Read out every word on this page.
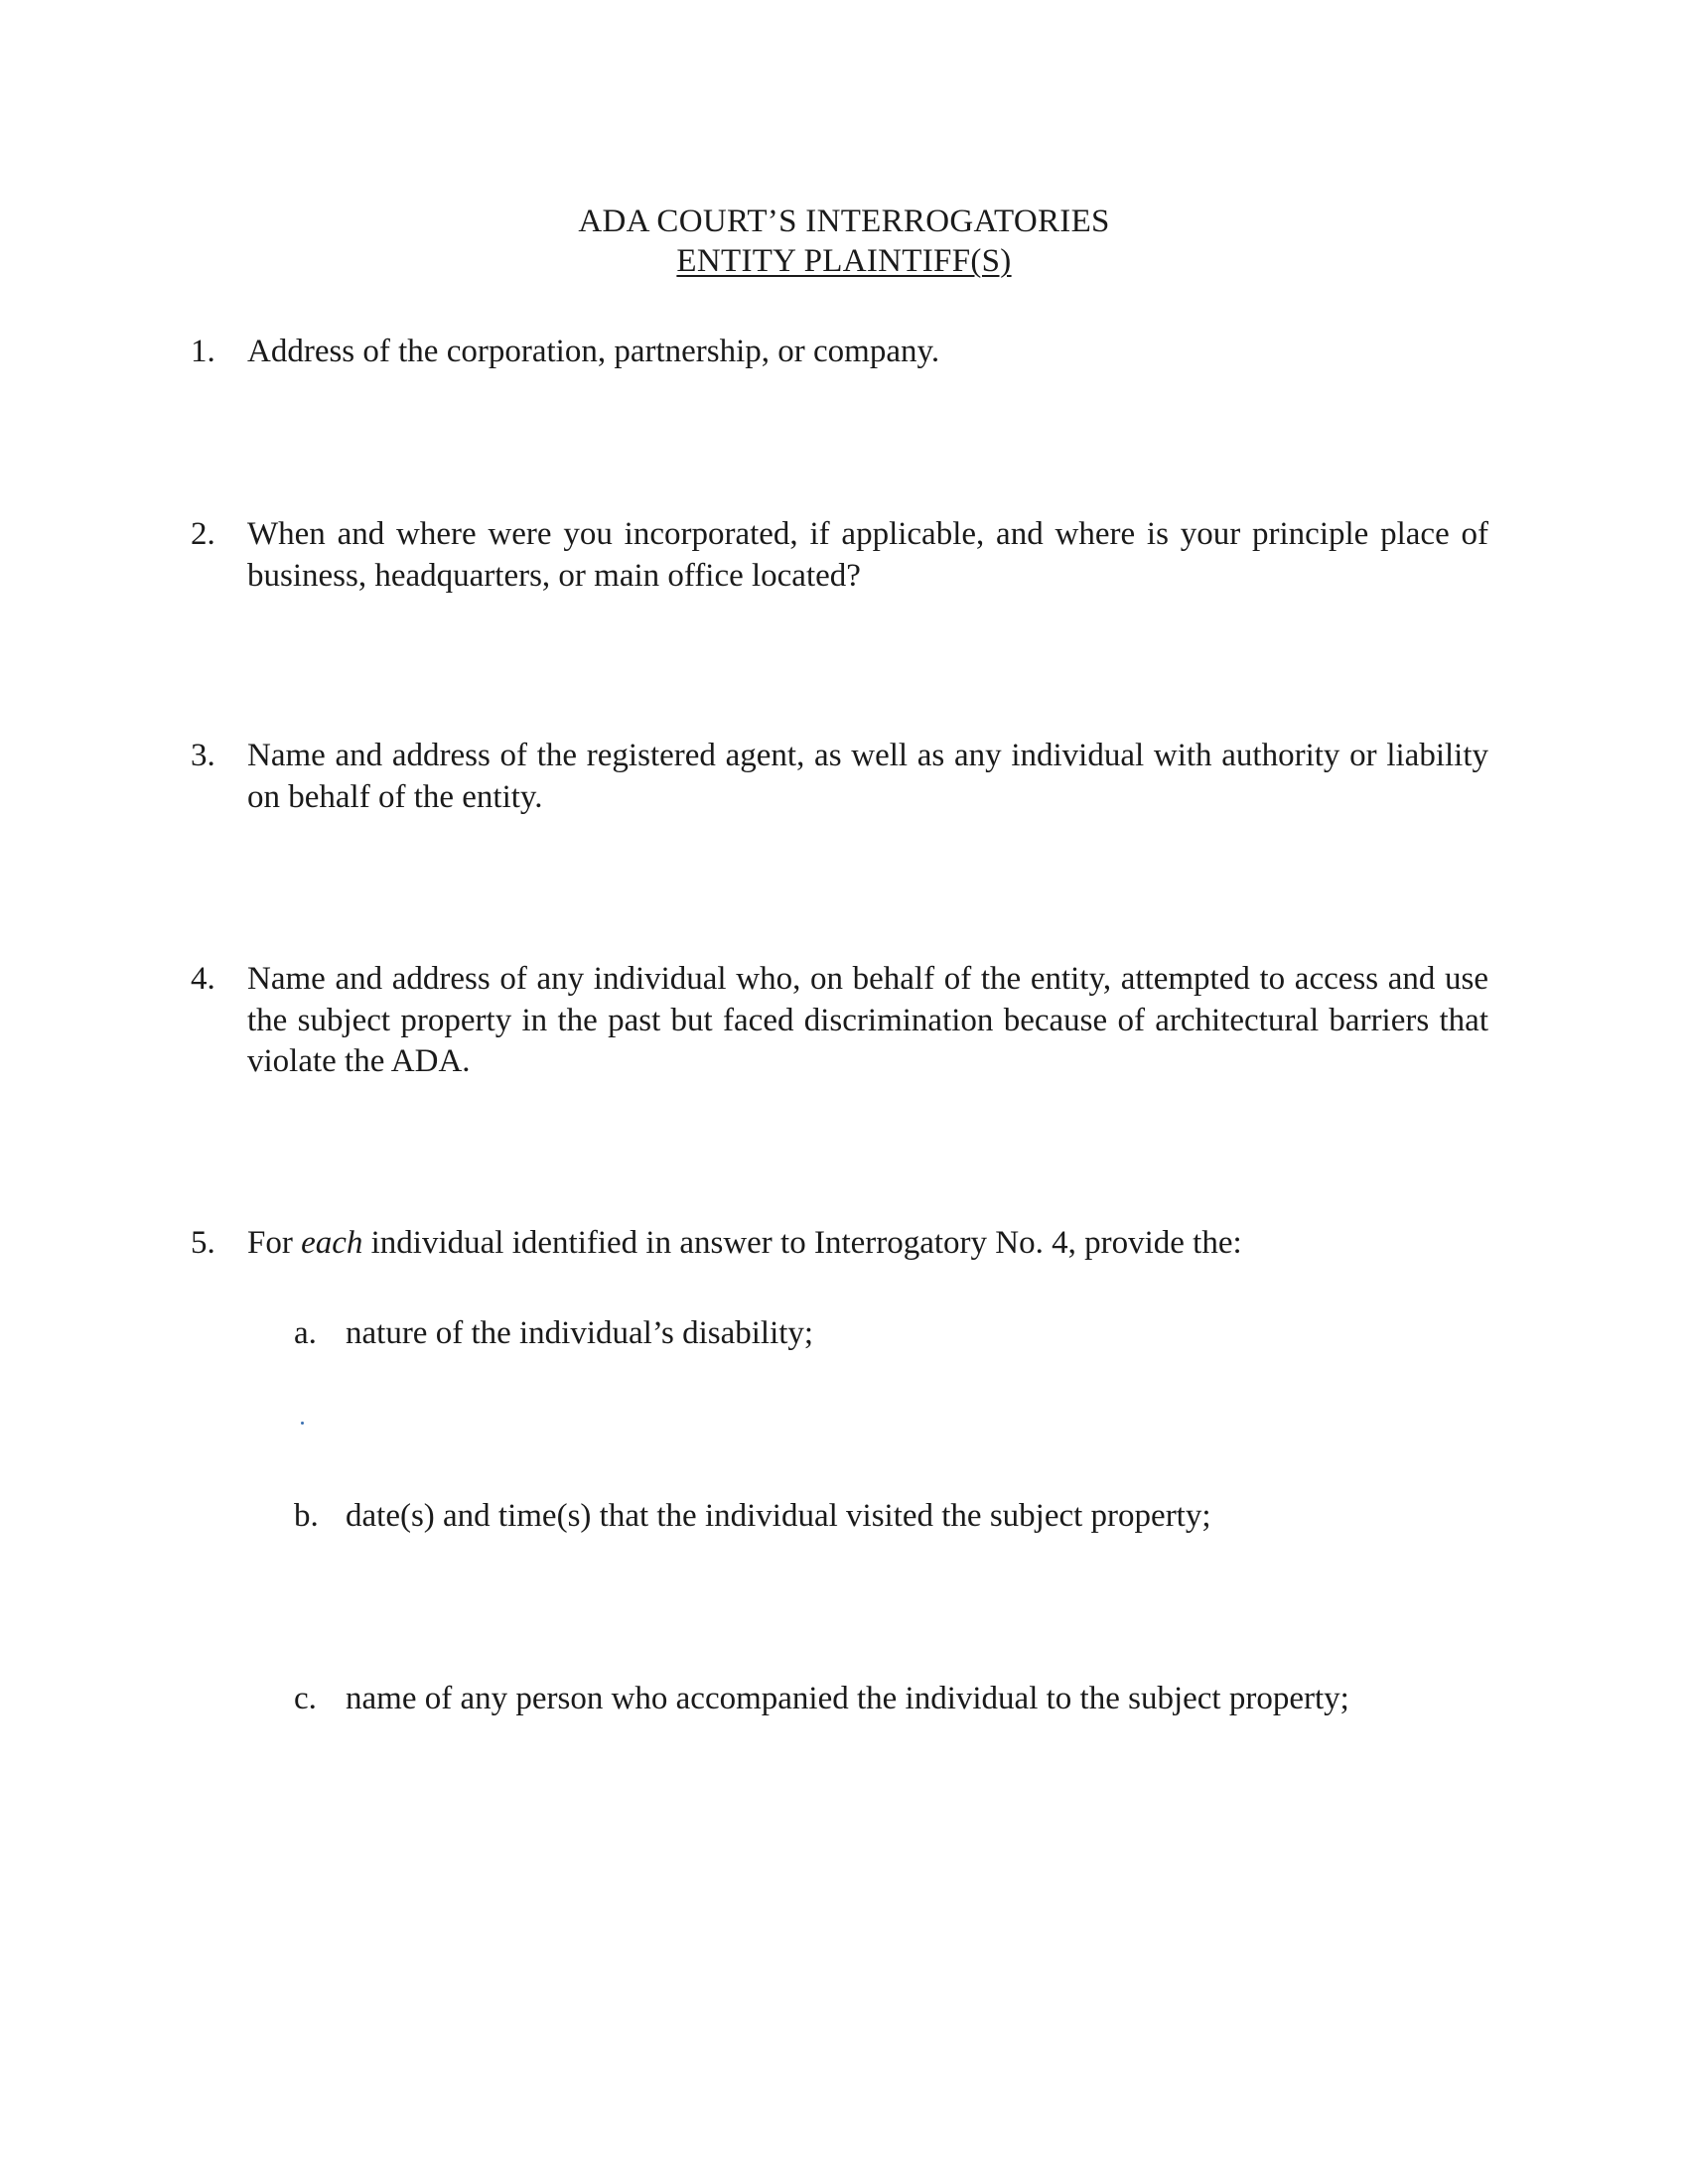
ADA COURT’S INTERROGATORIES
ENTITY PLAINTIFF(S)
1. Address of the corporation, partnership, or company.
2. When and where were you incorporated, if applicable, and where is your principle place of business, headquarters, or main office located?
3. Name and address of the registered agent, as well as any individual with authority or liability on behalf of the entity.
4. Name and address of any individual who, on behalf of the entity, attempted to access and use the subject property in the past but faced discrimination because of architectural barriers that violate the ADA.
5. For each individual identified in answer to Interrogatory No. 4, provide the:
a. nature of the individual’s disability;
b. date(s) and time(s) that the individual visited the subject property;
c. name of any person who accompanied the individual to the subject property;
